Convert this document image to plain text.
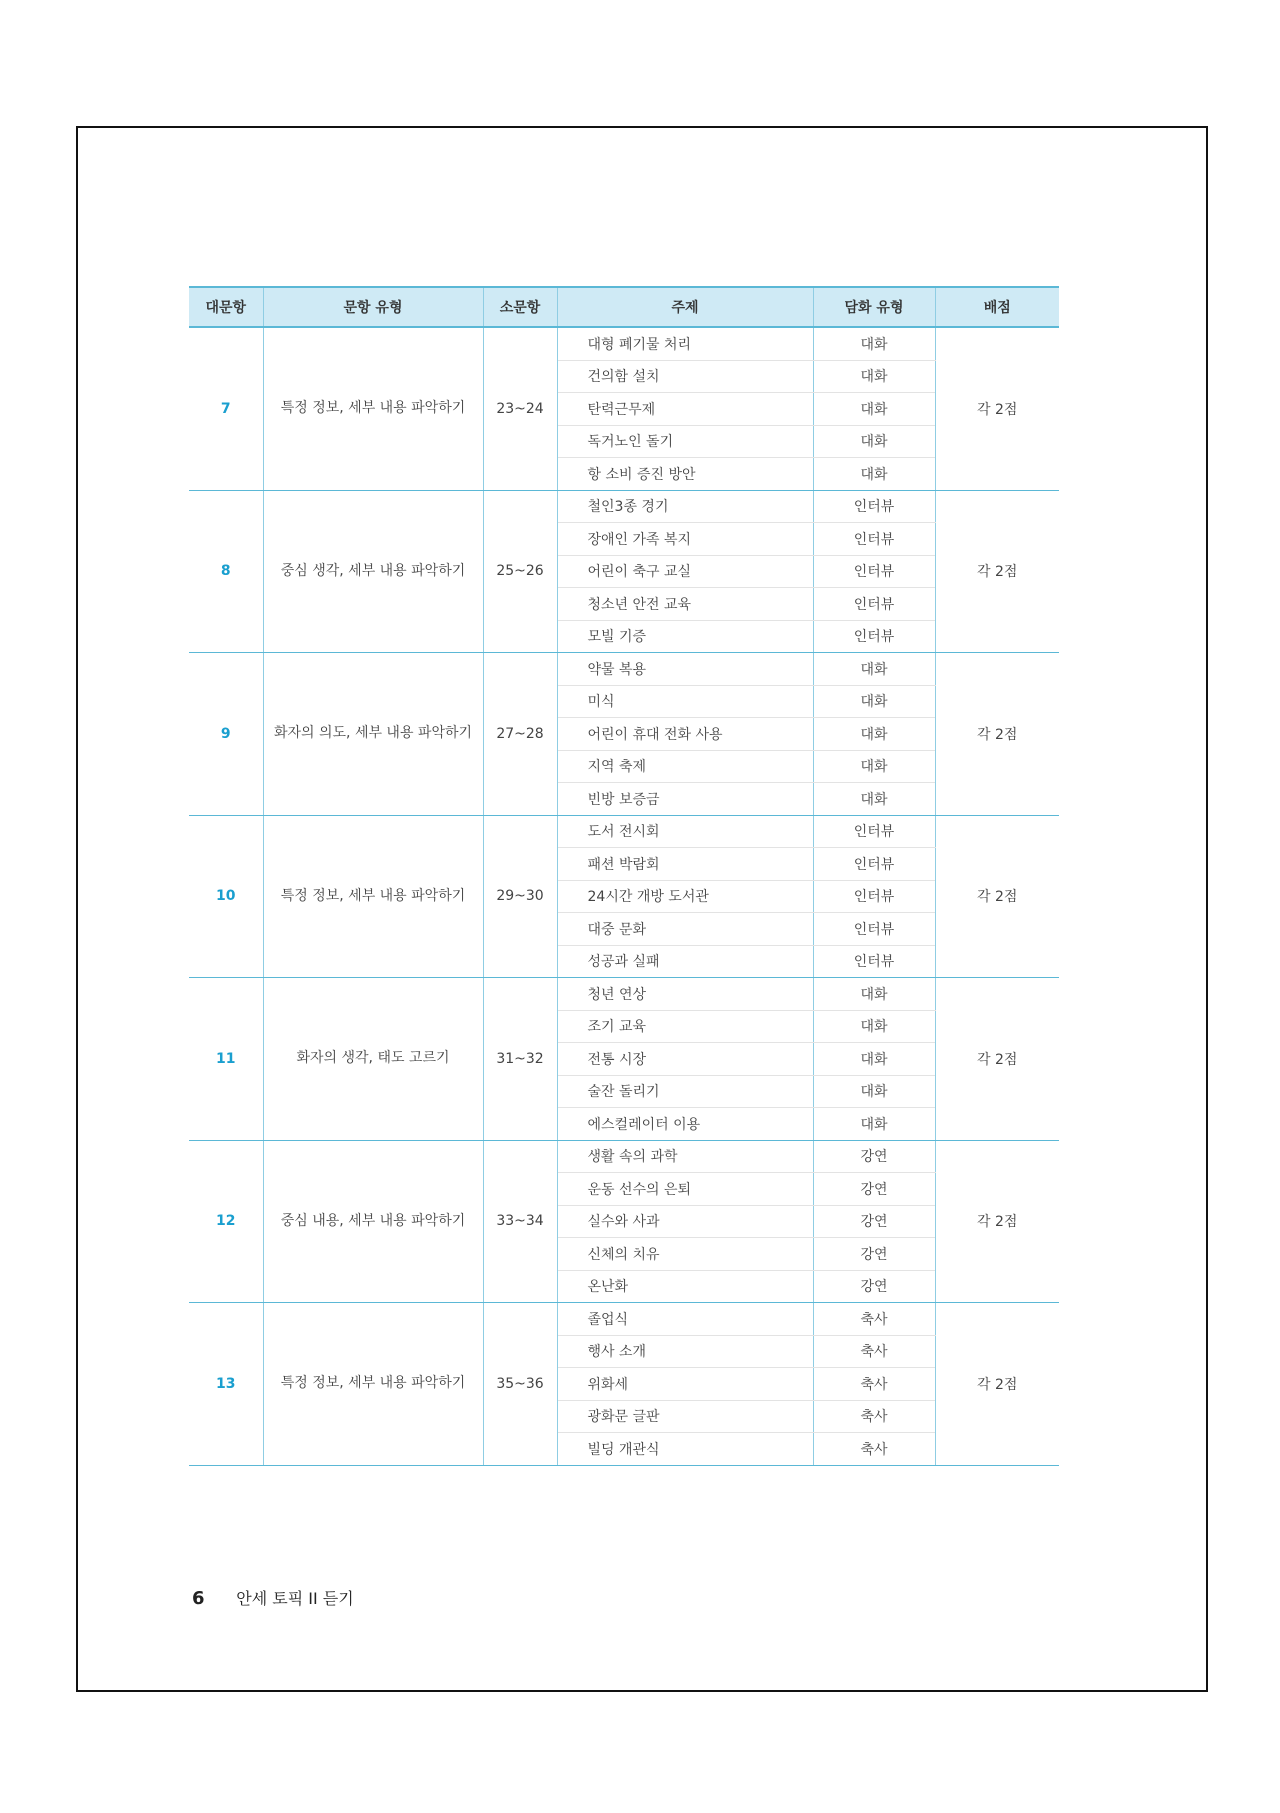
대문항	문항 유형	소문항	주제	담화 유형	배점
7	특정 정보, 세부 내용 파악하기	23~24	대형 폐기물 처리	대화	각 2점
			건의함 설치	대화	
			탄력근무제	대화	
			독거노인 돌기	대화	
			항 소비 증진 방안	대화	
8	중심 생각, 세부 내용 파악하기	25~26	철인3종 경기	인터뷰	각 2점
			장애인 가족 복지	인터뷰	
			어린이 축구 교실	인터뷰	
			청소년 안전 교육	인터뷰	
			모빌 기증	인터뷰	
9	화자의 의도, 세부 내용 파악하기	27~28	약물 복용	대화	각 2점
			미식	대화	
			어린이 휴대 전화 사용	대화	
			지역 축제	대화	
			빈방 보증금	대화	
10	특정 정보, 세부 내용 파악하기	29~30	도서 전시회	인터뷰	각 2점
			패션 박람회	인터뷰	
			24시간 개방 도서관	인터뷰	
			대중 문화	인터뷰	
			성공과 실패	인터뷰	
11	화자의 생각, 태도 고르기	31~32	청년 연상	대화	각 2점
			조기 교육	대화	
			전통 시장	대화	
			술잔 돌리기	대화	
			에스컬레이터 이용	대화	
12	중심 내용, 세부 내용 파악하기	33~34	생활 속의 과학	강연	각 2점
			운동 선수의 은퇴	강연	
			실수와 사과	강연	
			신체의 치유	강연	
			온난화	강연	
13	특정 정보, 세부 내용 파악하기	35~36	졸업식	축사	각 2점
			행사 소개	축사	
			위화세	축사	
			광화문 글판	축사	
			빌딩 개관식	축사	
6 안세 토픽 II 듣기
